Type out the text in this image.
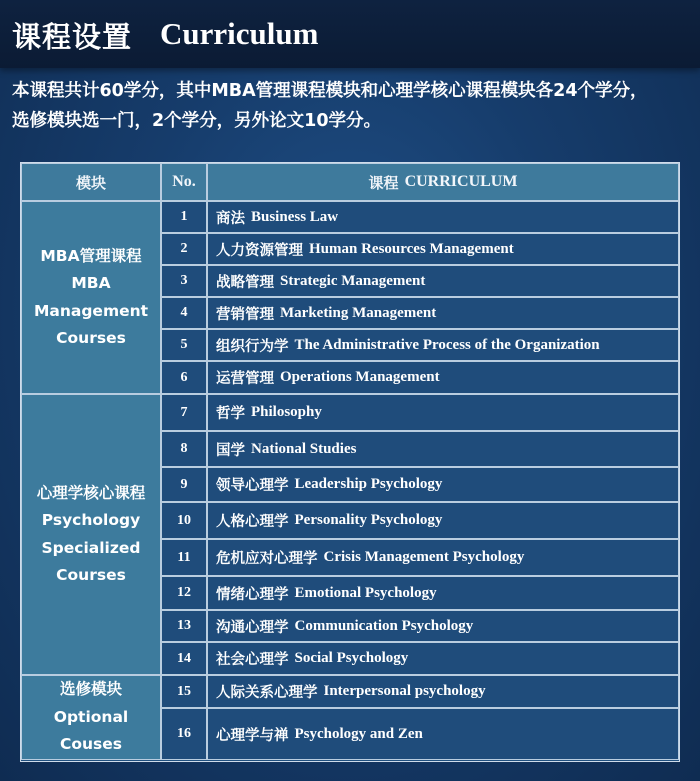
课程设置 Curriculum
本课程共计60学分，其中MBA管理课程模块和心理学核心课程模块各24个学分，
选修模块选一门，2个学分，另外论文10学分。
模块	No.	课程 CURRICULUM
1 商法 Business Law
2 人力资源管理 Human Resources Management
3 战略管理 Strategic Management
4 营销管理 Marketing Management
5 组织行为学 The Administrative Process of the Organization
6 运营管理 Operations Management
7 哲学 Philosophy
8 国学 National Studies
9 领导心理学 Leadership Psychology
10 人格心理学 Personality Psychology
11 危机应对心理学 Crisis Management Psychology
12 情绪心理学 Emotional Psychology
13 沟通心理学 Communication Psychology
14 社会心理学 Social Psychology
15 人际关系心理学 Interpersonal psychology
16 心理学与禅 Psychology and Zen
MBA管理课程
MBA
Management
Courses
心理学核心课程
Psychology
Specialized
Courses
选修模块
Optional
Couses
